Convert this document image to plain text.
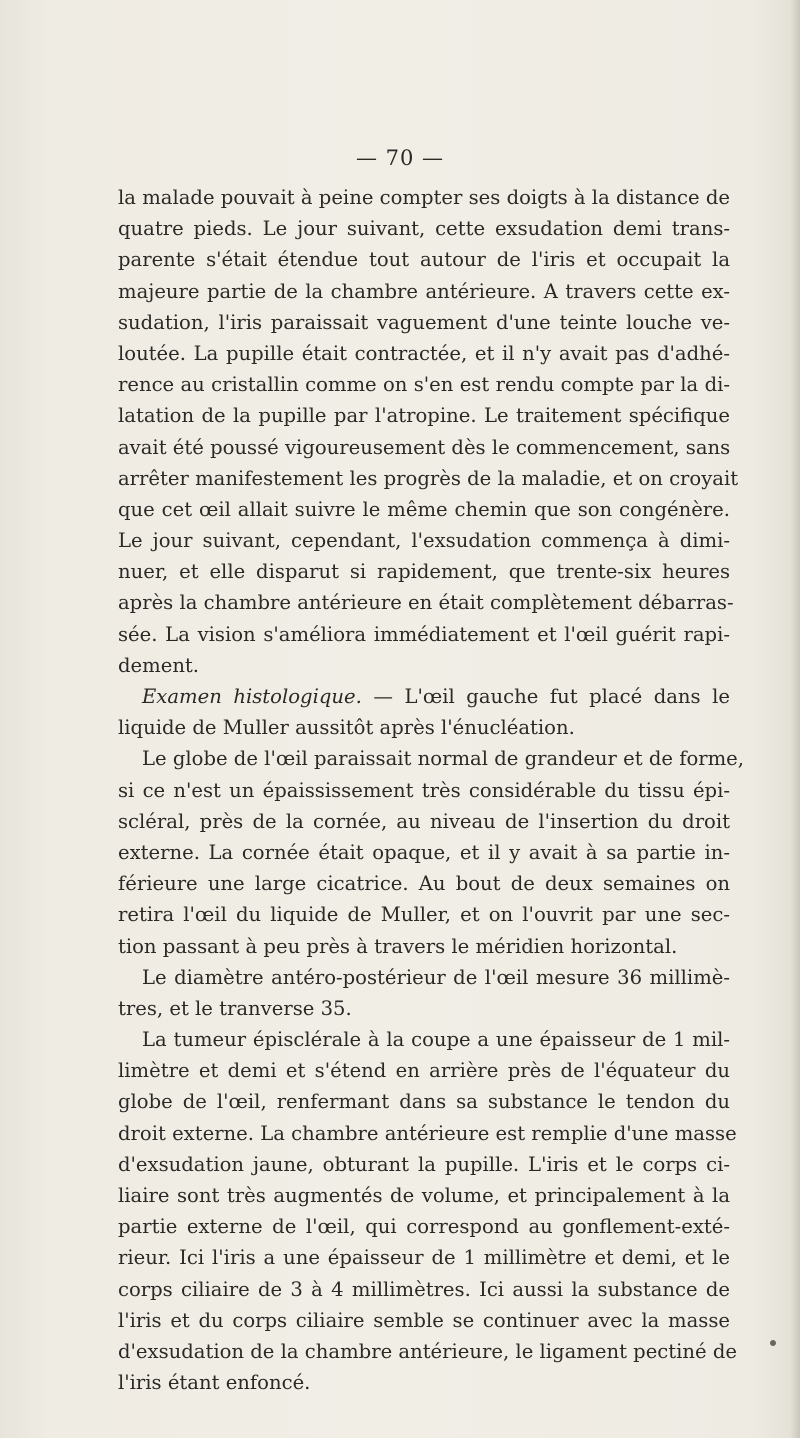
— 70 —
la malade pouvait à peine compter ses doigts à la distance de
quatre pieds. Le jour suivant, cette exsudation demi trans-
parente s'était étendue tout autour de l'iris et occupait la
majeure partie de la chambre antérieure. A travers cette ex-
sudation, l'iris paraissait vaguement d'une teinte louche ve-
loutée. La pupille était contractée, et il n'y avait pas d'adhé-
rence au cristallin comme on s'en est rendu compte par la di-
latation de la pupille par l'atropine. Le traitement spécifique
avait été poussé vigoureusement dès le commencement, sans
arrêter manifestement les progrès de la maladie, et on croyait
que cet œil allait suivre le même chemin que son congénère.
Le jour suivant, cependant, l'exsudation commença à dimi-
nuer, et elle disparut si rapidement, que trente-six heures
après la chambre antérieure en était complètement débarras-
sée. La vision s'améliora immédiatement et l'œil guérit rapi-
dement.
Examen histologique. — L'œil gauche fut placé dans le
liquide de Muller aussitôt après l'énucléation.
Le globe de l'œil paraissait normal de grandeur et de forme,
si ce n'est un épaississement très considérable du tissu épi-
scléral, près de la cornée, au niveau de l'insertion du droit
externe. La cornée était opaque, et il y avait à sa partie in-
férieure une large cicatrice. Au bout de deux semaines on
retira l'œil du liquide de Muller, et on l'ouvrit par une sec-
tion passant à peu près à travers le méridien horizontal.
Le diamètre antéro-postérieur de l'œil mesure 36 millimè-
tres, et le tranverse 35.
La tumeur épisclérale à la coupe a une épaisseur de 1 mil-
limètre et demi et s'étend en arrière près de l'équateur du
globe de l'œil, renfermant dans sa substance le tendon du
droit externe. La chambre antérieure est remplie d'une masse
d'exsudation jaune, obturant la pupille. L'iris et le corps ci-
liaire sont très augmentés de volume, et principalement à la
partie externe de l'œil, qui correspond au gonflement-exté-
rieur. Ici l'iris a une épaisseur de 1 millimètre et demi, et le
corps ciliaire de 3 à 4 millimètres. Ici aussi la substance de
l'iris et du corps ciliaire semble se continuer avec la masse
d'exsudation de la chambre antérieure, le ligament pectiné de
l'iris étant enfoncé.
